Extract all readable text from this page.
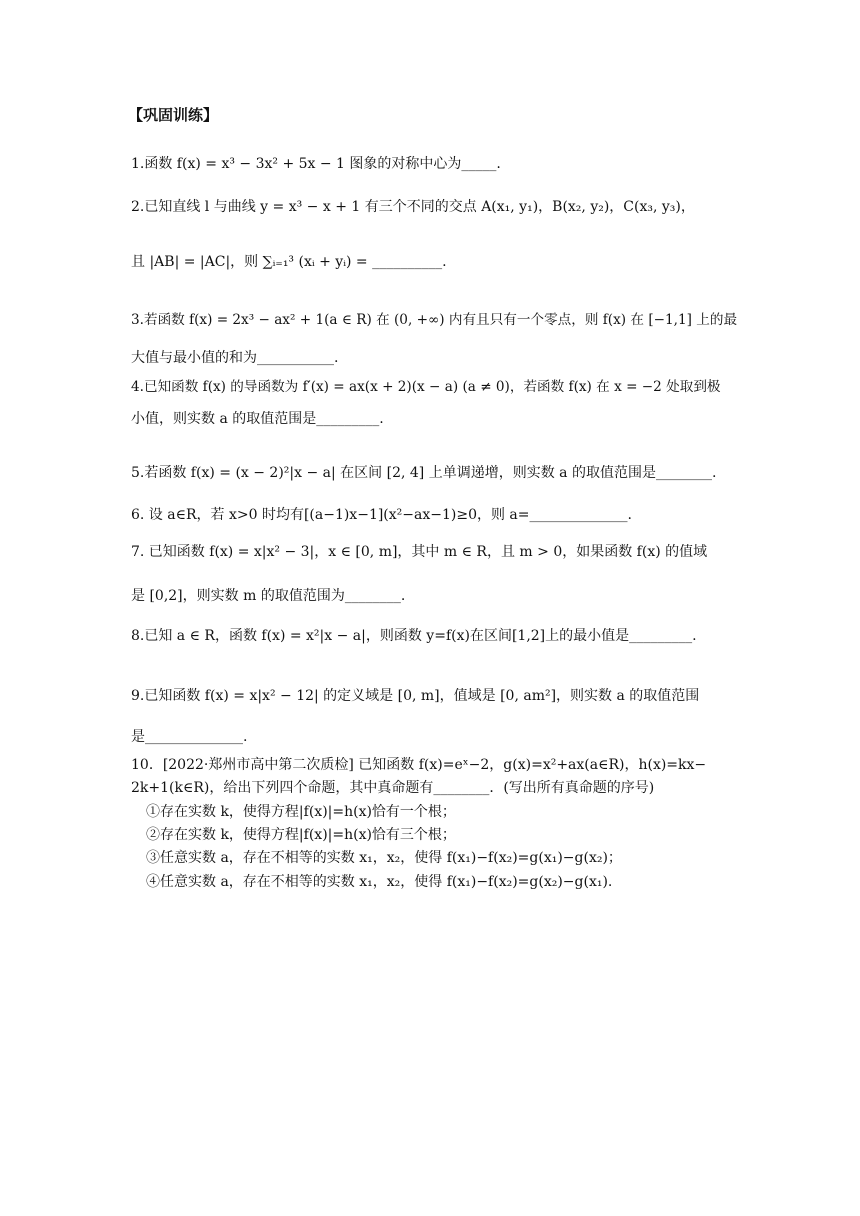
【巩固训练】
1.函数 f(x) = x³ − 3x² + 5x − 1 图象的对称中心为_____.
2.已知直线 l 与曲线 y = x³ − x + 1 有三个不同的交点 A(x₁, y₁)，B(x₂, y₂)，C(x₃, y₃)，
且 |AB| = |AC|，则 ∑ᵢ₌₁³ (xᵢ + yᵢ) = __________.
3.若函数 f(x) = 2x³ − ax² + 1(a ∈ R) 在 (0, +∞) 内有且只有一个零点，则 f(x) 在 [−1,1] 上的最
大值与最小值的和为___________.
4.已知函数 f(x) 的导函数为 f′(x) = ax(x + 2)(x − a) (a ≠ 0)，若函数 f(x) 在 x = −2 处取到极
小值，则实数 a 的取值范围是_________.
5.若函数 f(x) = (x − 2)²|x − a| 在区间 [2, 4] 上单调递增，则实数 a 的取值范围是________.
6. 设 a∈R，若 x>0 时均有[(a−1)x−1](x²−ax−1)≥0，则 a=______________.
7. 已知函数 f(x) = x|x² − 3|，x ∈ [0, m]，其中 m ∈ R，且 m > 0，如果函数 f(x) 的值域
是 [0,2]，则实数 m 的取值范围为________.
8.已知 a ∈ R，函数 f(x) = x²|x − a|，则函数 y=f(x)在区间[1,2]上的最小值是_________.
9.已知函数 f(x) = x|x² − 12| 的定义域是 [0, m]，值域是 [0, am²]，则实数 a 的取值范围
是______________.
10．[2022·郑州市高中第二次质检] 已知函数 f(x)=eˣ−2，g(x)=x²+ax(a∈R)，h(x)=kx−
2k+1(k∈R)，给出下列四个命题，其中真命题有________．(写出所有真命题的序号)
①存在实数 k，使得方程|f(x)|=h(x)恰有一个根；
②存在实数 k，使得方程|f(x)|=h(x)恰有三个根；
③任意实数 a，存在不相等的实数 x₁，x₂，使得 f(x₁)−f(x₂)=g(x₁)−g(x₂)；
④任意实数 a，存在不相等的实数 x₁，x₂，使得 f(x₁)−f(x₂)=g(x₂)−g(x₁).
